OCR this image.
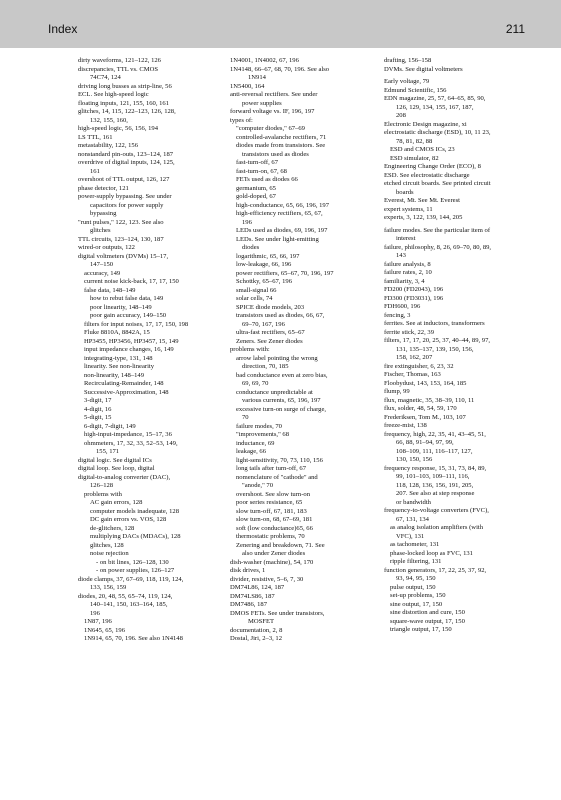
Index	211
dirty waveforms, 121–122, 126
discrepancies, TTL vs. CMOS
74C74, 124
driving long busses as strip-line, 56
ECL. See high-speed logic
floating inputs, 121, 155, 160, 161
glitches, 14, 115, 122–123, 126, 128,
132, 155, 160,
high-speed logic, 56, 156, 194
LS TTL, 161
metastability, 122, 156
nonstandard pin-outs, 123–124, 187
overdrive of digital inputs, 124, 125,
161
overshoot of TTL output, 126, 127
phase detector, 121
power-supply bypassing. See under
capacitors for power supply
bypassing
"runt pulses," 122, 123. See also
glitches
TTL circuits, 123–124, 130, 187
wired-or outputs, 122
digital voltmeters (DVMs) 15–17,
147–150
accuracy, 149
current noise kick-back, 17, 17, 150
false data, 148–149
how to rebut false data, 149
poor linearity, 148–149
poor gain accuracy, 149–150
filters for input noises, 17, 17, 150, 198
Fluke 8810A, 8842A, 15
HP3455, HP3456, HP3457, 15, 149
input impedance changes, 16, 149
integrating-type, 131, 148
linearity. See non-linearity
non-linearity, 148–149
Recirculating-Remainder, 148
Successive-Approximation, 148
3-digit, 17
4-digit, 16
5-digit, 15
6-digit, 7-digit, 149
high-input-impedance, 15–17, 36
ohmmeters, 17, 32, 33, 52–53, 149,
155, 171
digital logic. See digital ICs
digital loop. See loop, digital
digital-to-analog converter (DAC),
126–128
problems with
AC gain errors, 128
computer models inadequate, 128
DC gain errors vs. VOS, 128
de-glitchers, 128
multiplying DACs (MDACs), 128
glitches, 128
noise rejection
- on bit lines, 126–128, 130
- on power supplies, 126–127
diode clamps, 37, 67–69, 118, 119, 124,
133, 156, 159
diodes, 20, 48, 55, 65–74, 119, 124,
140–141, 150, 163–164, 185,
196
1N87, 196
1N645, 65, 196
1N914, 65, 70, 196. See also 1N4148
1N4001, 1N4002, 67, 196
1N4148, 66–67, 68, 70, 196. See also
1N914
1N5400, 164
anti-reversal rectifiers. See under
power supplies
forward voltage vs. IF, 196, 197
types of:
"computer diodes," 67–69
controlled-avalanche rectifiers, 71
diodes made from transistors. See
transistors used as diodes
fast-turn-off, 67
fast-turn-on, 67, 68
FETs used as diodes 66
germanium, 65
gold-doped, 67
high-conductance, 65, 66, 196, 197
high-efficiency rectifiers, 65, 67,
196
LEDs used as diodes, 69, 196, 197
LEDs. See under light-emitting
diodes
logarithmic, 65, 66, 197
low-leakage, 66, 196
power rectifiers, 65–67, 70, 196, 197
Schottky, 65–67, 196
small-signal 66
solar cells, 74
SPICE diode models, 203
transistors used as diodes, 66, 67,
69–70, 167, 196
ultra-fast rectifiers, 65–67
Zeners. See Zener diodes
problems with:
arrow label pointing the wrong
direction, 70, 185
bad conductance even at zero bias,
69, 69, 70
conductance unpredictable at
various currents, 65, 196, 197
excessive turn-on surge of charge,
70
failure modes, 70
"improvements," 68
inductance, 69
leakage, 66
light-sensitivity, 70, 73, 110, 156
long tails after turn-off, 67
nomenclature of "cathode" and
"anode," 70
overshoot. See slow turn-on
poor series resistance, 65
slow turn-off, 67, 181, 183
slow turn-on, 68, 67–69, 181
soft (low conductance)65, 66
thermostatic problems, 70
Zenering and breakdown, 71. See
also under Zener diodes
dish-washer (machine), 54, 170
disk drives, 1
divider, resistive, 5–6, 7, 30
DM74L86, 124, 187
DM74LS86, 187
DM7486, 187
DMOS FETs. See under transistors,
MOSFET
documentation, 2, 8
Dostal, Jiri, 2–3, 12
drafting, 156–158
DVMs. See digital voltmeters
Early voltage, 79
Edmund Scientific, 156
EDN magazine, 25, 57, 64–65, 85, 90,
126, 129, 134, 155, 167, 187,
208
Electronic Design magazine, xi
electrostatic discharge (ESD), 10, 11 23,
78, 81, 82, 88
ESD and CMOS ICs, 23
ESD simulator, 82
Engineering Change Order (ECO), 8
ESD. See electrostatic discharge
etched circuit boards. See printed circuit
boards
Everest, Mt. See Mt. Everest
expert systems, 11
experts, 3, 122, 139, 144, 205
failure modes. See the particular item of
interest
failure, philosophy, 8, 26, 69–70, 80, 89,
143
failure analysis, 8
failure rates, 2, 10
familiarity, 3, 4
FD200 (FD2043), 196
FD300 (FD3031), 196
FDH600, 196
fencing, 3
ferrites. See at inductors, transformers
ferrite stick, 22, 39
filters, 17, 17, 20, 25, 37, 40–44, 89, 97,
131, 135–137, 139, 150, 156,
158, 162, 207
fire extinguisher, 6, 23, 32
Fischer, Thomas, 163
Floobydust, 143, 153, 164, 185
flump, 99
flux, magnetic, 35, 38–39, 110, 11
flux, solder, 48, 54, 59, 170
Frederiksen, Tom M., 103, 107
freeze-mist, 138
frequency, high, 22, 35, 41, 43–45, 51,
66, 88, 91–94, 97, 99,
108–109, 111, 116–117, 127,
130, 150, 156
frequency response, 15, 31, 73, 84, 89,
99, 101–103, 109–111, 116,
118, 128, 136, 156, 191, 205,
207. See also at step response
or bandwidth
frequency-to-voltage converters (FVC),
67, 131, 134
as analog isolation amplifiers (with
VFC), 131
as tachometer, 131
phase-locked loop as FVC, 131
ripple filtering, 131
function generators, 17, 22, 25, 37, 92,
93, 94, 95, 150
pulse output, 150
set-up problems, 150
sine output, 17, 150
sine distortion and cure, 150
square-wave output, 17, 150
triangle output, 17, 150
